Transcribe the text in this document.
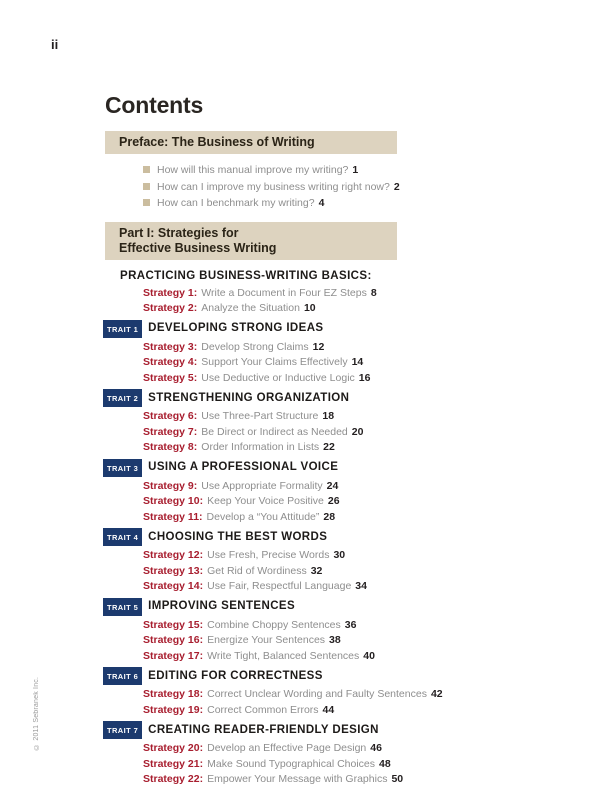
ii
© 2011 Sebranek Inc.
Contents
Preface: The Business of Writing
How will this manual improve my writing? 1
How can I improve my business writing right now? 2
How can I benchmark my writing? 4
Part I: Strategies for
Effective Business Writing
PRACTICING BUSINESS-WRITING BASICS:
Strategy 1: Write a Document in Four EZ Steps 8
Strategy 2: Analyze the Situation 10
TRAIT 1 DEVELOPING STRONG IDEAS
Strategy 3: Develop Strong Claims 12
Strategy 4: Support Your Claims Effectively 14
Strategy 5: Use Deductive or Inductive Logic 16
TRAIT 2 STRENGTHENING ORGANIZATION
Strategy 6: Use Three-Part Structure 18
Strategy 7: Be Direct or Indirect as Needed 20
Strategy 8: Order Information in Lists 22
TRAIT 3 USING A PROFESSIONAL VOICE
Strategy 9: Use Appropriate Formality 24
Strategy 10: Keep Your Voice Positive 26
Strategy 11: Develop a “You Attitude” 28
TRAIT 4 CHOOSING THE BEST WORDS
Strategy 12: Use Fresh, Precise Words 30
Strategy 13: Get Rid of Wordiness 32
Strategy 14: Use Fair, Respectful Language 34
TRAIT 5 IMPROVING SENTENCES
Strategy 15: Combine Choppy Sentences 36
Strategy 16: Energize Your Sentences 38
Strategy 17: Write Tight, Balanced Sentences 40
TRAIT 6 EDITING FOR CORRECTNESS
Strategy 18: Correct Unclear Wording and Faulty Sentences 42
Strategy 19: Correct Common Errors 44
TRAIT 7 CREATING READER-FRIENDLY DESIGN
Strategy 20: Develop an Effective Page Design 46
Strategy 21: Make Sound Typographical Choices 48
Strategy 22: Empower Your Message with Graphics 50
